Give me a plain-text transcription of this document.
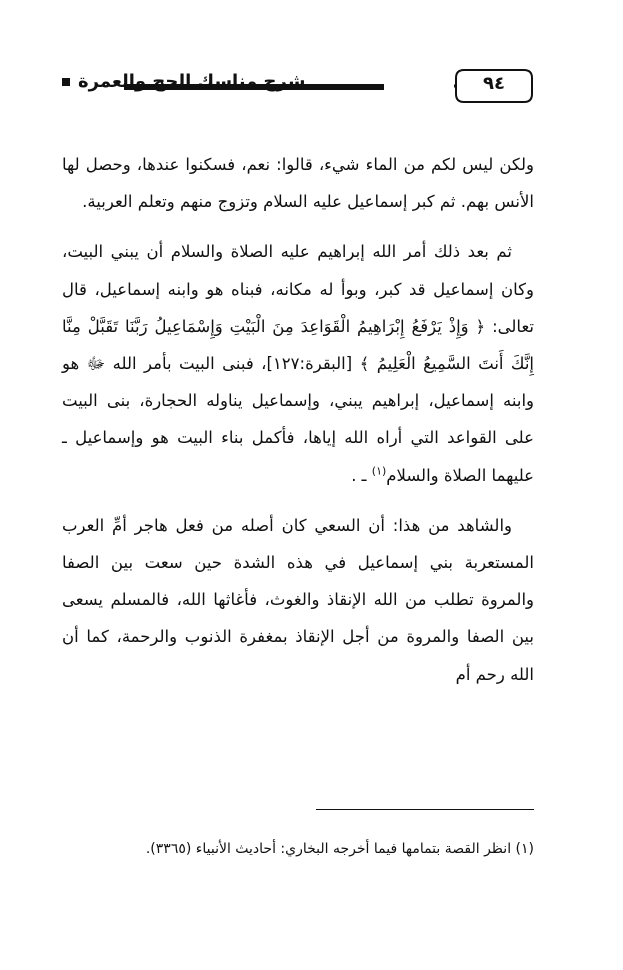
٩٤
شرح مناسك الحج والعمرة

ولكن ليس لكم من الماء شيء، قالوا: نعم، فسكنوا عندها، وحصل لها الأنس بهم. ثم كبر إسماعيل عليه السلام وتزوج منهم وتعلم العربية.

ثم بعد ذلك أمر الله إبراهيم عليه الصلاة والسلام أن يبني البيت، وكان إسماعيل قد كبر، وبوأ له مكانه، فبناه هو وابنه إسماعيل، قال تعالى: ﴿ وَإِذْ يَرْفَعُ إِبْرَاهِيمُ الْقَوَاعِدَ مِنَ الْبَيْتِ وَإِسْمَاعِيلُ رَبَّنَا تَقَبَّلْ مِنَّا إِنَّكَ أَنتَ السَّمِيعُ الْعَلِيمُ ﴾ [البقرة:١٢٧]، فبنى البيت بأمر الله ﷻ هو وابنه إسماعيل، إبراهيم يبني، وإسماعيل يناوله الحجارة، بنى البيت على القواعد التي أراه الله إياها، فأكمل بناء البيت هو وإسماعيل ـ عليهما الصلاة والسلام$^{(١)}$ ـ .

والشاهد من هذا: أن السعي كان أصله من فعل هاجر أمِّ العرب المستعربة بني إسماعيل في هذه الشدة حين سعت بين الصفا والمروة تطلب من الله الإنقاذ والغوث، فأغاثها الله، فالمسلم يسعى بين الصفا والمروة من أجل الإنقاذ بمغفرة الذنوب والرحمة، كما أن الله رحم أم

(١) انظر القصة بتمامها فيما أخرجه البخاري: أحاديث الأنبياء (٣٣٦٥).
